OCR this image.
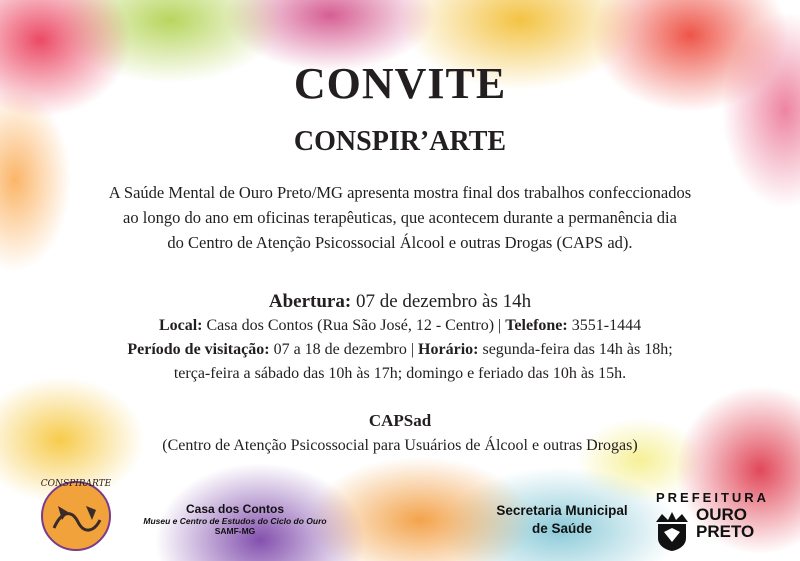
CONVITE
CONSPIR’ARTE
A Saúde Mental de Ouro Preto/MG apresenta mostra final dos trabalhos confeccionados
ao longo do ano em oficinas terapêuticas, que acontecem durante a permanência dia
do Centro de Atenção Psicossocial Álcool e outras Drogas (CAPS ad).
Abertura: 07 de dezembro às 14h
Local: Casa dos Contos (Rua São José, 12 - Centro) | Telefone: 3551-1444
Período de visitação: 07 a 18 de dezembro | Horário: segunda-feira das 14h às 18h;
terça-feira a sábado das 10h às 17h; domingo e feriado das 10h às 15h.
CAPSad
(Centro de Atenção Psicossocial para Usuários de Álcool e outras Drogas)
CONSPIRARTE
Casa dos Contos
Museu e Centro de Estudos do Ciclo do Ouro
SAMF-MG
Secretaria Municipal
de Saúde
PREFEITURA
OURO
PRETO
